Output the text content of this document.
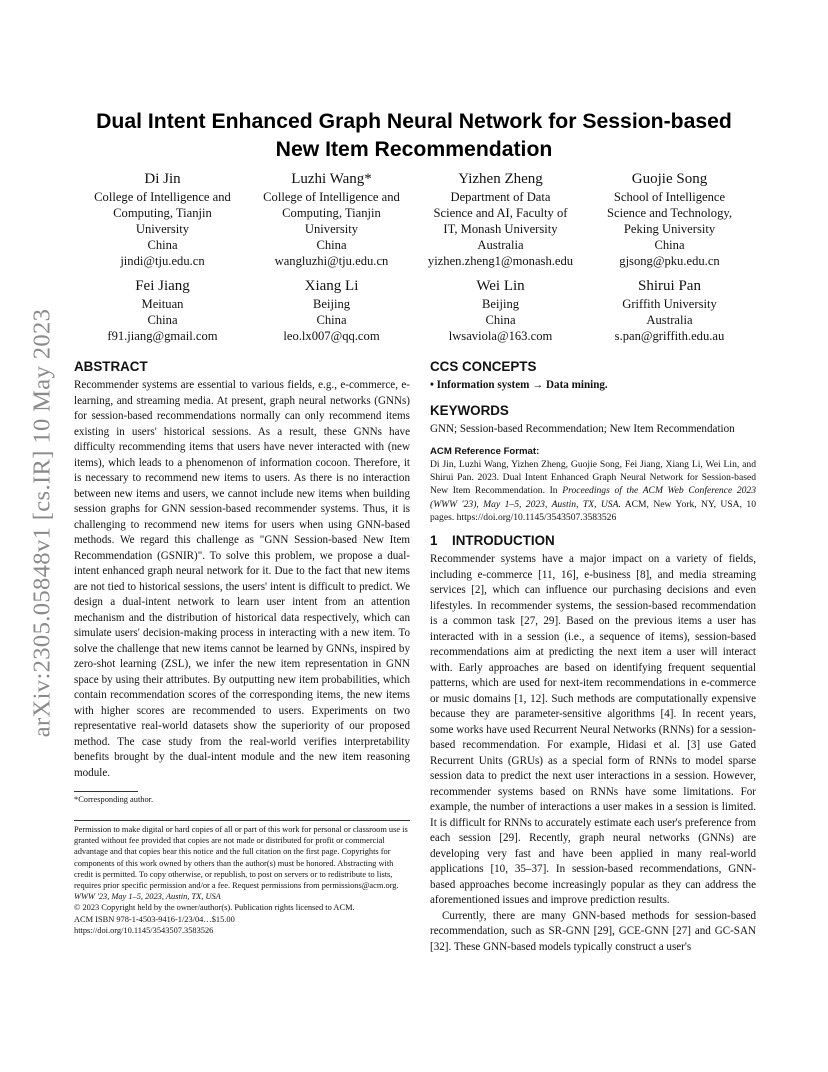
arXiv:2305.05848v1 [cs.IR] 10 May 2023
Dual Intent Enhanced Graph Neural Network for Session-based New Item Recommendation
Di Jin
College of Intelligence and
Computing, Tianjin
University
China
jindi@tju.edu.cn
Luzhi Wang*
College of Intelligence and
Computing, Tianjin
University
China
wangluzhi@tju.edu.cn
Yizhen Zheng
Department of Data
Science and AI, Faculty of
IT, Monash University
Australia
yizhen.zheng1@monash.edu
Guojie Song
School of Intelligence
Science and Technology,
Peking University
China
gjsong@pku.edu.cn
Fei Jiang
Meituan
China
f91.jiang@gmail.com
Xiang Li
Beijing
China
leo.lx007@qq.com
Wei Lin
Beijing
China
lwsaviola@163.com
Shirui Pan
Griffith University
Australia
s.pan@griffith.edu.au
ABSTRACT

Recommender systems are essential to various fields, e.g., e-commerce, e-learning, and streaming media. At present, graph neural networks (GNNs) for session-based recommendations normally can only recommend items existing in users' historical sessions. As a result, these GNNs have difficulty recommending items that users have never interacted with (new items), which leads to a phenomenon of information cocoon. Therefore, it is necessary to recommend new items to users. As there is no interaction between new items and users, we cannot include new items when building session graphs for GNN session-based recommender systems. Thus, it is challenging to recommend new items for users when using GNN-based methods. We regard this challenge as "GNN Session-based New Item Recommendation (GSNIR)". To solve this problem, we propose a dual-intent enhanced graph neural network for it. Due to the fact that new items are not tied to historical sessions, the users' intent is difficult to predict. We design a dual-intent network to learn user intent from an attention mechanism and the distribution of historical data respectively, which can simulate users' decision-making process in interacting with a new item. To solve the challenge that new items cannot be learned by GNNs, inspired by zero-shot learning (ZSL), we infer the new item representation in GNN space by using their attributes. By outputting new item probabilities, which contain recommendation scores of the corresponding items, the new items with higher scores are recommended to users. Experiments on two representative real-world datasets show the superiority of our proposed method. The case study from the real-world verifies interpretability benefits brought by the dual-intent module and the new item reasoning module.

*Corresponding author.
Permission to make digital or hard copies of all or part of this work for personal or classroom use is granted without fee provided that copies are not made or distributed for profit or commercial advantage and that copies bear this notice and the full citation on the first page. Copyrights for components of this work owned by others than the author(s) must be honored. Abstracting with credit is permitted. To copy otherwise, or republish, to post on servers or to redistribute to lists, requires prior specific permission and/or a fee. Request permissions from permissions@acm.org.
WWW '23, May 1–5, 2023, Austin, TX, USA
© 2023 Copyright held by the owner/author(s). Publication rights licensed to ACM.
ACM ISBN 978-1-4503-9416-1/23/04…$15.00
https://doi.org/10.1145/3543507.3583526
CCS CONCEPTS

• Information system → Data mining.

KEYWORDS

GNN; Session-based Recommendation; New Item Recommendation

ACM Reference Format:

Di Jin, Luzhi Wang, Yizhen Zheng, Guojie Song, Fei Jiang, Xiang Li, Wei Lin, and Shirui Pan. 2023. Dual Intent Enhanced Graph Neural Network for Session-based New Item Recommendation. In Proceedings of the ACM Web Conference 2023 (WWW '23), May 1–5, 2023, Austin, TX, USA. ACM, New York, NY, USA, 10 pages. https://doi.org/10.1145/3543507.3583526

1 INTRODUCTION

Recommender systems have a major impact on a variety of fields, including e-commerce [11, 16], e-business [8], and media streaming services [2], which can influence our purchasing decisions and even lifestyles. In recommender systems, the session-based recommendation is a common task [27, 29]. Based on the previous items a user has interacted with in a session (i.e., a sequence of items), session-based recommendations aim at predicting the next item a user will interact with. Early approaches are based on identifying frequent sequential patterns, which are used for next-item recommendations in e-commerce or music domains [1, 12]. Such methods are computationally expensive because they are parameter-sensitive algorithms [4]. In recent years, some works have used Recurrent Neural Networks (RNNs) for a session-based recommendation. For example, Hidasi et al. [3] use Gated Recurrent Units (GRUs) as a special form of RNNs to model sparse session data to predict the next user interactions in a session. However, recommender systems based on RNNs have some limitations. For example, the number of interactions a user makes in a session is limited. It is difficult for RNNs to accurately estimate each user's preference from each session [29]. Recently, graph neural networks (GNNs) are developing very fast and have been applied in many real-world applications [10, 35–37]. In session-based recommendations, GNN-based approaches become increasingly popular as they can address the aforementioned issues and improve prediction results.

Currently, there are many GNN-based methods for session-based recommendation, such as SR-GNN [29], GCE-GNN [27] and GC-SAN [32]. These GNN-based models typically construct a user's
